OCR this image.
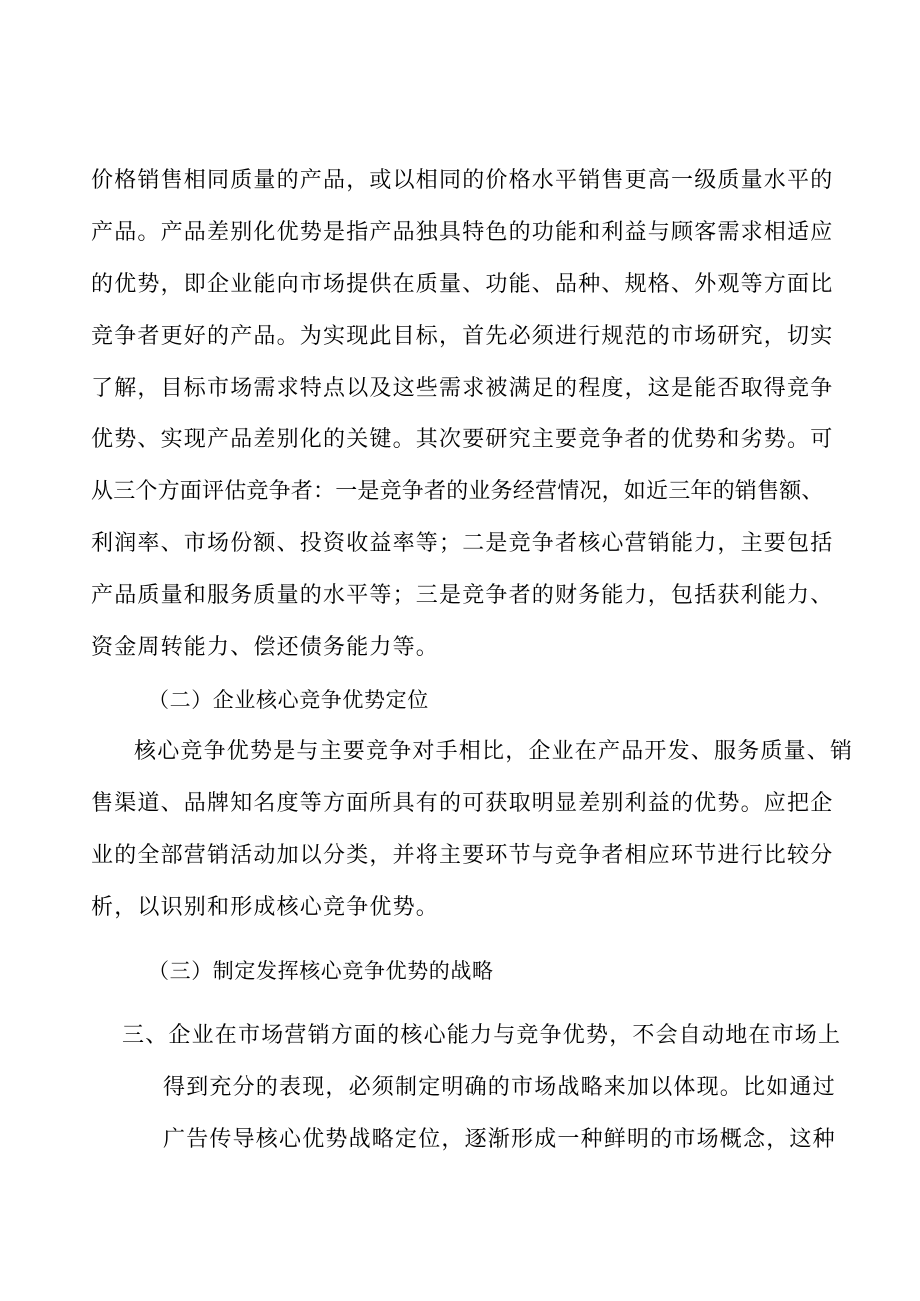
价格销售相同质量的产品，或以相同的价格水平销售更高一级质量水平的
产品。产品差别化优势是指产品独具特色的功能和利益与顾客需求相适应
的优势，即企业能向市场提供在质量、功能、品种、规格、外观等方面比
竞争者更好的产品。为实现此目标，首先必须进行规范的市场研究，切实
了解，目标市场需求特点以及这些需求被满足的程度，这是能否取得竞争
优势、实现产品差别化的关键。其次要研究主要竞争者的优势和劣势。可
从三个方面评估竞争者：一是竞争者的业务经营情况，如近三年的销售额、
利润率、市场份额、投资收益率等；二是竞争者核心营销能力，主要包括
产品质量和服务质量的水平等；三是竞争者的财务能力，包括获利能力、
资金周转能力、偿还债务能力等。
（二）企业核心竞争优势定位
核心竞争优势是与主要竞争对手相比，企业在产品开发、服务质量、销
售渠道、品牌知名度等方面所具有的可获取明显差别利益的优势。应把企
业的全部营销活动加以分类，并将主要环节与竞争者相应环节进行比较分
析，以识别和形成核心竞争优势。
（三）制定发挥核心竞争优势的战略
三、企业在市场营销方面的核心能力与竞争优势，不会自动地在市场上
得到充分的表现，必须制定明确的市场战略来加以体现。比如通过
广告传导核心优势战略定位，逐渐形成一种鲜明的市场概念，这种
